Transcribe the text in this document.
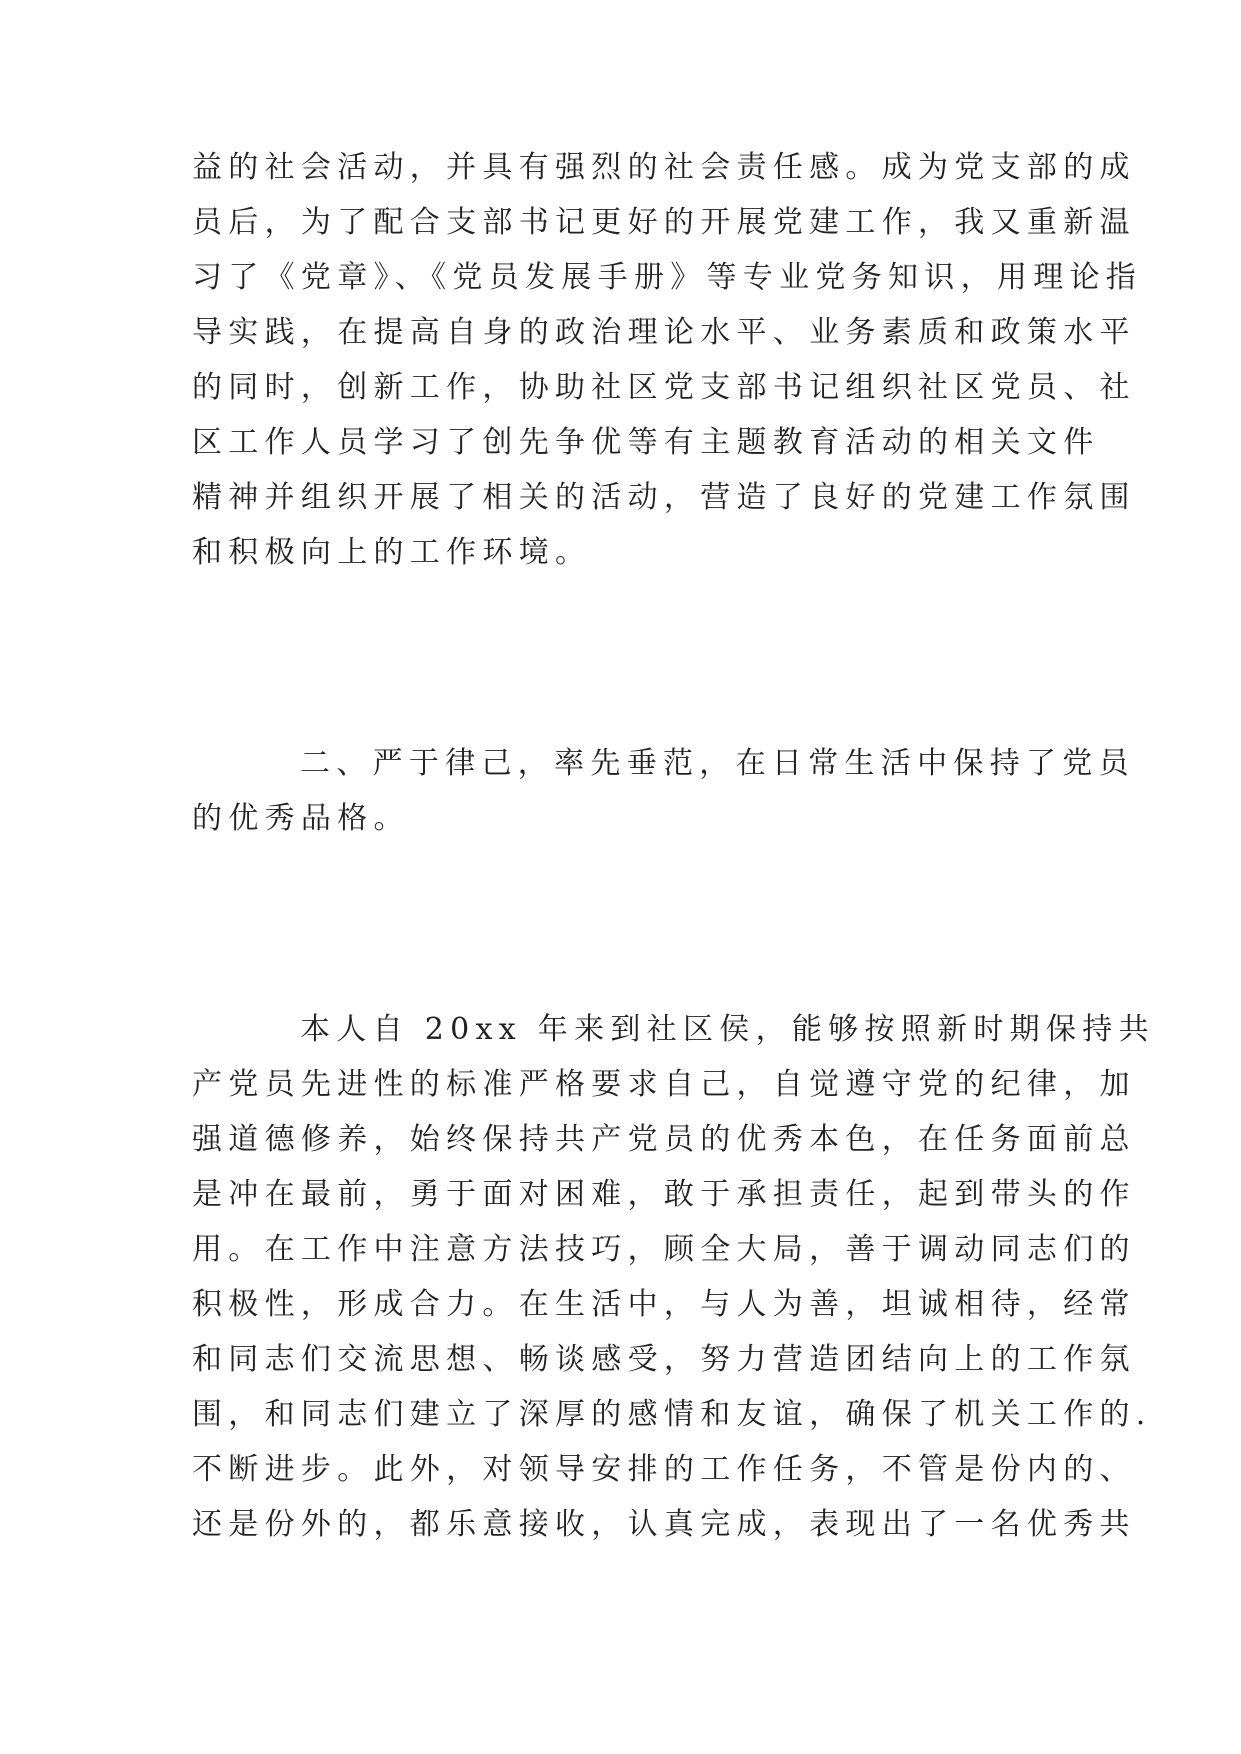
益的社会活动，并具有强烈的社会责任感。成为党支部的成
员后，为了配合支部书记更好的开展党建工作，我又重新温
习了《党章》、《党员发展手册》等专业党务知识，用理论指
导实践，在提高自身的政治理论水平、业务素质和政策水平
的同时，创新工作，协助社区党支部书记组织社区党员、社
区工作人员学习了创先争优等有主题教育活动的相关文件
精神并组织开展了相关的活动，营造了良好的党建工作氛围
和积极向上的工作环境。
二、严于律己，率先垂范，在日常生活中保持了党员
的优秀品格。
本人自 20xx 年来到社区侯，能够按照新时期保持共
产党员先进性的标准严格要求自己，自觉遵守党的纪律，加
强道德修养，始终保持共产党员的优秀本色，在任务面前总
是冲在最前，勇于面对困难，敢于承担责任，起到带头的作
用。在工作中注意方法技巧，顾全大局，善于调动同志们的
积极性，形成合力。在生活中，与人为善，坦诚相待，经常
和同志们交流思想、畅谈感受，努力营造团结向上的工作氛
围，和同志们建立了深厚的感情和友谊，确保了机关工作的.
不断进步。此外，对领导安排的工作任务，不管是份内的、
还是份外的，都乐意接收，认真完成，表现出了一名优秀共
